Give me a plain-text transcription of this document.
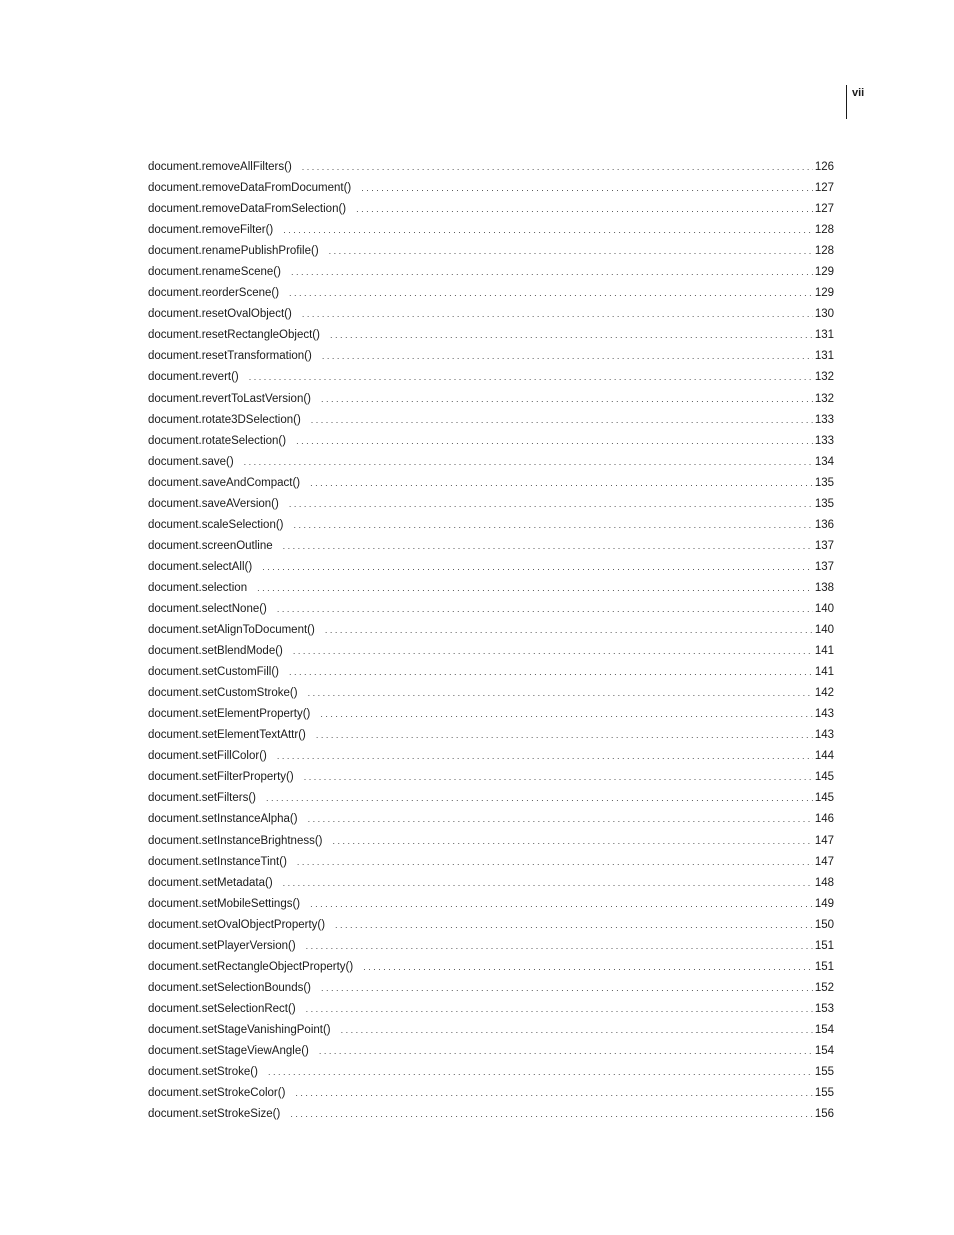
vii
document.removeAllFilters() . . .	126
document.removeDataFromDocument() . . .	127
document.removeDataFromSelection() . . .	127
document.removeFilter() . . .	128
document.renamePublishProfile() . . .	128
document.renameScene() . . .	129
document.reorderScene() . . .	129
document.resetOvalObject() . . .	130
document.resetRectangleObject() . . .	131
document.resetTransformation() . . .	131
document.revert() . . .	132
document.revertToLastVersion() . . .	132
document.rotate3DSelection() . . .	133
document.rotateSelection() . . .	133
document.save() . . .	134
document.saveAndCompact() . . .	135
document.saveAVersion() . . .	135
document.scaleSelection() . . .	136
document.screenOutline . . .	137
document.selectAll() . . .	137
document.selection . . .	138
document.selectNone() . . .	140
document.setAlignToDocument() . . .	140
document.setBlendMode() . . .	141
document.setCustomFill() . . .	141
document.setCustomStroke() . . .	142
document.setElementProperty() . . .	143
document.setElementTextAttr() . . .	143
document.setFillColor() . . .	144
document.setFilterProperty() . . .	145
document.setFilters() . . .	145
document.setInstanceAlpha() . . .	146
document.setInstanceBrightness() . . .	147
document.setInstanceTint() . . .	147
document.setMetadata() . . .	148
document.setMobileSettings() . . .	149
document.setOvalObjectProperty() . . .	150
document.setPlayerVersion() . . .	151
document.setRectangleObjectProperty() . . .	151
document.setSelectionBounds() . . .	152
document.setSelectionRect() . . .	153
document.setStageVanishingPoint() . . .	154
document.setStageViewAngle() . . .	154
document.setStroke() . . .	155
document.setStrokeColor() . . .	155
document.setStrokeSize() . . .	156
